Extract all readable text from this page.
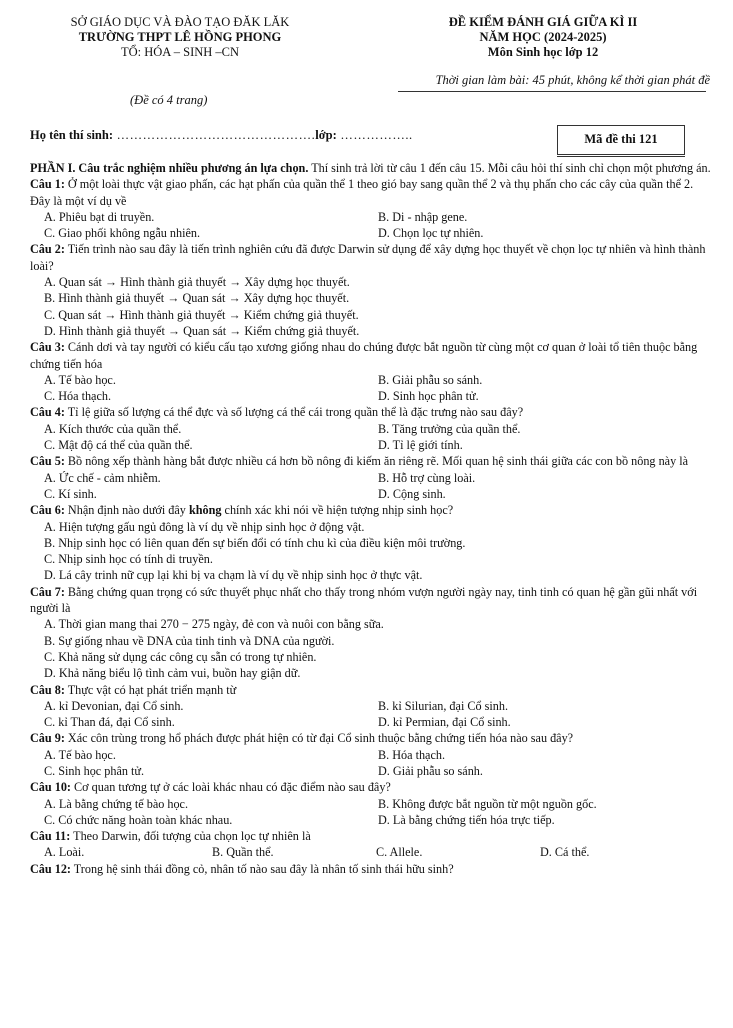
SỞ GIÁO DỤC VÀ ĐÀO TẠO ĐĂK LĂK
TRƯỜNG THPT LÊ HỒNG PHONG
TỔ: HÓA – SINH –CN
ĐỀ KIỂM ĐÁNH GIÁ GIỮA KÌ II
NĂM HỌC (2024-2025)
Môn Sinh học lớp 12
Thời gian làm bài: 45 phút, không kể thời gian phát đề
(Đề có 4 trang)
Họ tên thí sinh: ……………………………………….lớp: ……………..	Mã đề thi 121

PHẦN I. Câu trắc nghiệm nhiều phương án lựa chọn. Thí sinh trả lời từ câu 1 đến câu 15. Mỗi câu hỏi thí sinh chỉ chọn một phương án.

Câu 1: Ở một loài thực vật giao phấn, các hạt phấn của quần thể 1 theo gió bay sang quần thể 2 và thụ phấn cho các cây của quần thể 2. Đây là một ví dụ về

A. Phiêu bạt di truyền.	B. Di - nhập gene.
C. Giao phối không ngẫu nhiên.	D. Chọn lọc tự nhiên.

Câu 2: Tiến trình nào sau đây là tiến trình nghiên cứu đã được Darwin sử dụng để xây dựng học thuyết về chọn lọc tự nhiên và hình thành loài?

A. Quan sát → Hình thành giả thuyết → Xây dựng học thuyết.
B. Hình thành giả thuyết → Quan sát → Xây dựng học thuyết.
C. Quan sát → Hình thành giả thuyết → Kiểm chứng giả thuyết.
D. Hình thành giả thuyết → Quan sát → Kiểm chứng giả thuyết.

Câu 3: Cánh dơi và tay người có kiểu cấu tạo xương giống nhau do chúng được bắt nguồn từ cùng một cơ quan ở loài tổ tiên thuộc bằng chứng tiến hóa

A. Tế bào học.	B. Giải phẫu so sánh.
C. Hóa thạch.	D. Sinh học phân tử.

Câu 4: Tỉ lệ giữa số lượng cá thể đực và số lượng cá thể cái trong quần thể là đặc trưng nào sau đây?

A. Kích thước của quần thể.	B. Tăng trưởng của quần thể.
C. Mật độ cá thể của quần thể.	D. Tỉ lệ giới tính.

Câu 5: Bồ nông xếp thành hàng bắt được nhiều cá hơn bồ nông đi kiếm ăn riêng rẽ. Mối quan hệ sinh thái giữa các con bồ nông này là

A. Ức chế - cảm nhiễm.	B. Hỗ trợ cùng loài.
C. Kí sinh.	D. Cộng sinh.

Câu 6: Nhận định nào dưới đây không chính xác khi nói về hiện tượng nhịp sinh học?

A. Hiện tượng gấu ngủ đông là ví dụ về nhịp sinh học ở động vật.
B. Nhịp sinh học có liên quan đến sự biến đổi có tính chu kì của điều kiện môi trường.
C. Nhịp sinh học có tính di truyền.
D. Lá cây trinh nữ cụp lại khi bị va chạm là ví dụ về nhịp sinh học ở thực vật.

Câu 7: Bằng chứng quan trọng có sức thuyết phục nhất cho thấy trong nhóm vượn người ngày nay, tinh tinh có quan hệ gần gũi nhất với người là

A. Thời gian mang thai 270 − 275 ngày, đẻ con và nuôi con bằng sữa.
B. Sự giống nhau về DNA của tinh tinh và DNA của người.
C. Khả năng sử dụng các công cụ sẵn có trong tự nhiên.
D. Khả năng biểu lộ tình cảm vui, buồn hay giận dữ.

Câu 8: Thực vật có hạt phát triển mạnh từ

A. kỉ Devonian, đại Cổ sinh.	B. kỉ Silurian, đại Cổ sinh.
C. kỉ Than đá, đại Cổ sinh.	D. kỉ Permian, đại Cổ sinh.

Câu 9: Xác côn trùng trong hổ phách được phát hiện có từ đại Cổ sinh thuộc bằng chứng tiến hóa nào sau đây?

A. Tế bào học.	B. Hóa thạch.
C. Sinh học phân tử.	D. Giải phẫu so sánh.

Câu 10: Cơ quan tương tự ở các loài khác nhau có đặc điểm nào sau đây?

A. Là bằng chứng tế bào học.	B. Không được bắt nguồn từ một nguồn gốc.
C. Có chức năng hoàn toàn khác nhau.	D. Là bằng chứng tiến hóa trực tiếp.

Câu 11: Theo Darwin, đối tượng của chọn lọc tự nhiên là

A. Loài.	B. Quần thể.	C. Allele.	D. Cá thể.

Câu 12: Trong hệ sinh thái đồng cỏ, nhân tố nào sau đây là nhân tố sinh thái hữu sinh?
